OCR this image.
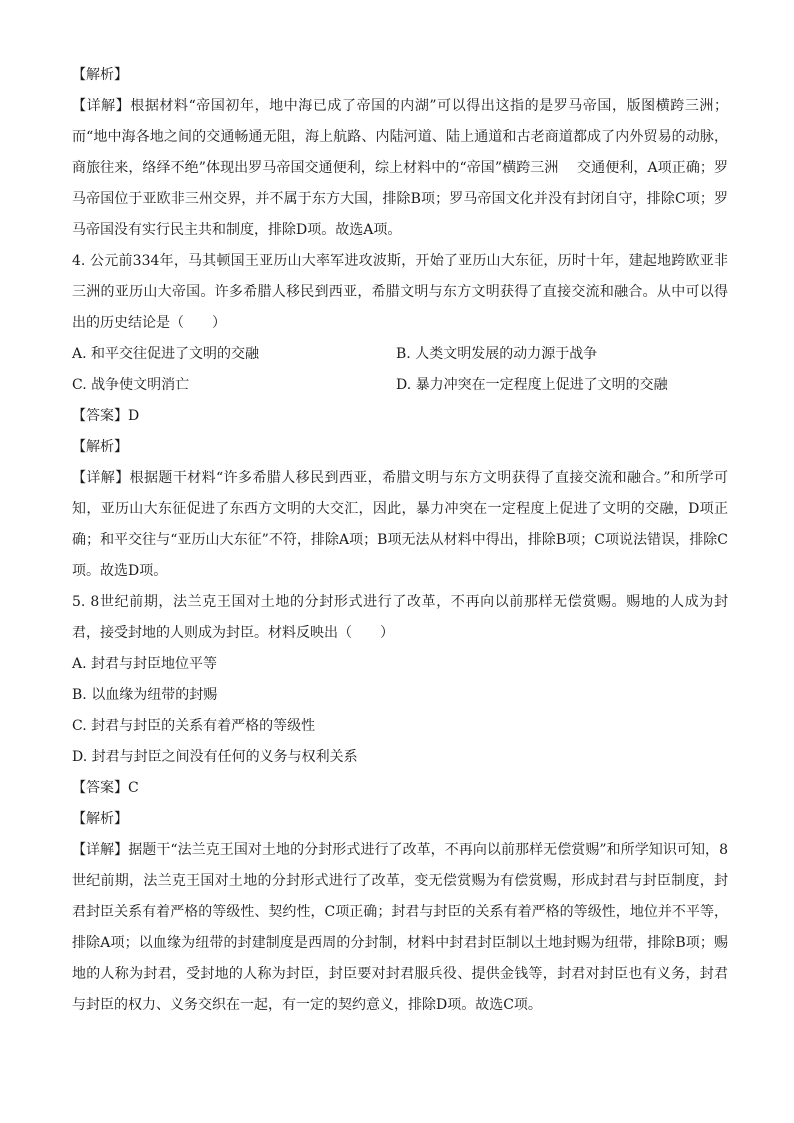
【解析】

【详解】根据材料“帝国初年，地中海已成了帝国的内湖”可以得出这指的是罗马帝国，版图横跨三洲；而“地中海各地之间的交通畅通无阻，海上航路、内陆河道、陆上通道和古老商道都成了内外贸易的动脉，商旅往来，络绎不绝”体现出罗马帝国交通便利，综上材料中的“帝国”横跨三洲　 交通便利，A项正确；罗马帝国位于亚欧非三州交界，并不属于东方大国，排除B项；罗马帝国文化并没有封闭自守，排除C项；罗马帝国没有实行民主共和制度，排除D项。故选A项。

4. 公元前334年，马其顿国王亚历山大率军进攻波斯，开始了亚历山大东征，历时十年，建起地跨欧亚非三洲的亚历山大帝国。许多希腊人移民到西亚，希腊文明与东方文明获得了直接交流和融合。从中可以得出的历史结论是（　　）

A. 和平交往促进了文明的交融	B. 人类文明发展的动力源于战争
C. 战争使文明消亡	D. 暴力冲突在一定程度上促进了文明的交融

【答案】D

【解析】

【详解】根据题干材料“许多希腊人移民到西亚，希腊文明与东方文明获得了直接交流和融合。”和所学可知，亚历山大东征促进了东西方文明的大交汇，因此，暴力冲突在一定程度上促进了文明的交融，D项正确；和平交往与“亚历山大东征”不符，排除A项；B项无法从材料中得出，排除B项；C项说法错误，排除C项。故选D项。

5. 8世纪前期，法兰克王国对土地的分封形式进行了改革，不再向以前那样无偿赏赐。赐地的人成为封君，接受封地的人则成为封臣。材料反映出（　　）

A. 封君与封臣地位平等

B. 以血缘为纽带的封赐

C. 封君与封臣的关系有着严格的等级性

D. 封君与封臣之间没有任何的义务与权利关系

【答案】C

【解析】

【详解】据题干“法兰克王国对土地的分封形式进行了改革，不再向以前那样无偿赏赐”和所学知识可知，8世纪前期，法兰克王国对土地的分封形式进行了改革，变无偿赏赐为有偿赏赐，形成封君与封臣制度，封君封臣关系有着严格的等级性、契约性，C项正确；封君与封臣的关系有着严格的等级性，地位并不平等，排除A项；以血缘为纽带的封建制度是西周的分封制，材料中封君封臣制以土地封赐为纽带，排除B项；赐地的人称为封君，受封地的人称为封臣，封臣要对封君服兵役、提供金钱等，封君对封臣也有义务，封君与封臣的权力、义务交织在一起，有一定的契约意义，排除D项。故选C项。
